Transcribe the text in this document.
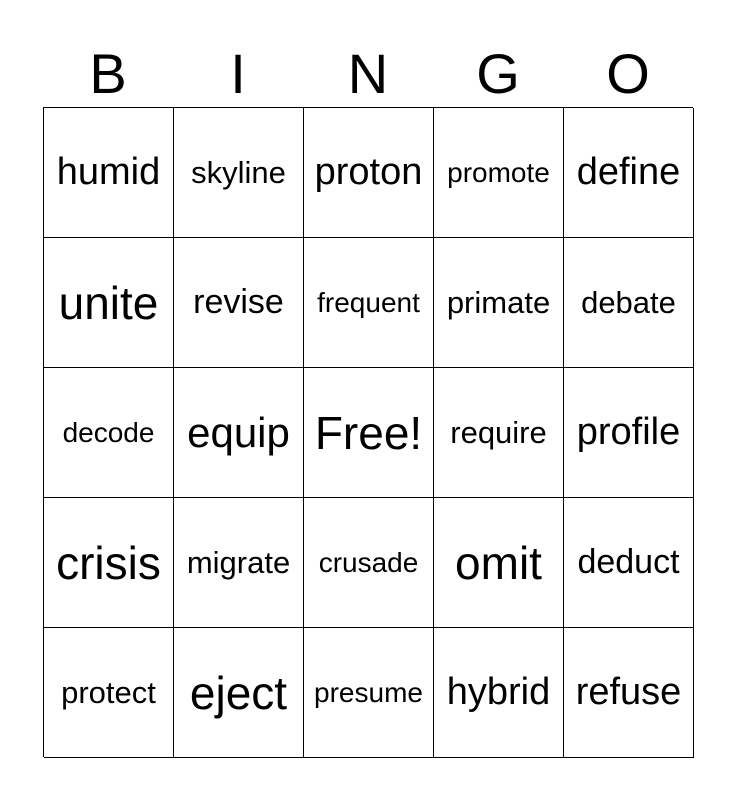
B	I	N	G	O
humid skyline proton promote define
unite revise frequent primate debate
decode equip Free! require profile
crisis migrate crusade omit deduct
protect eject presume hybrid refuse
